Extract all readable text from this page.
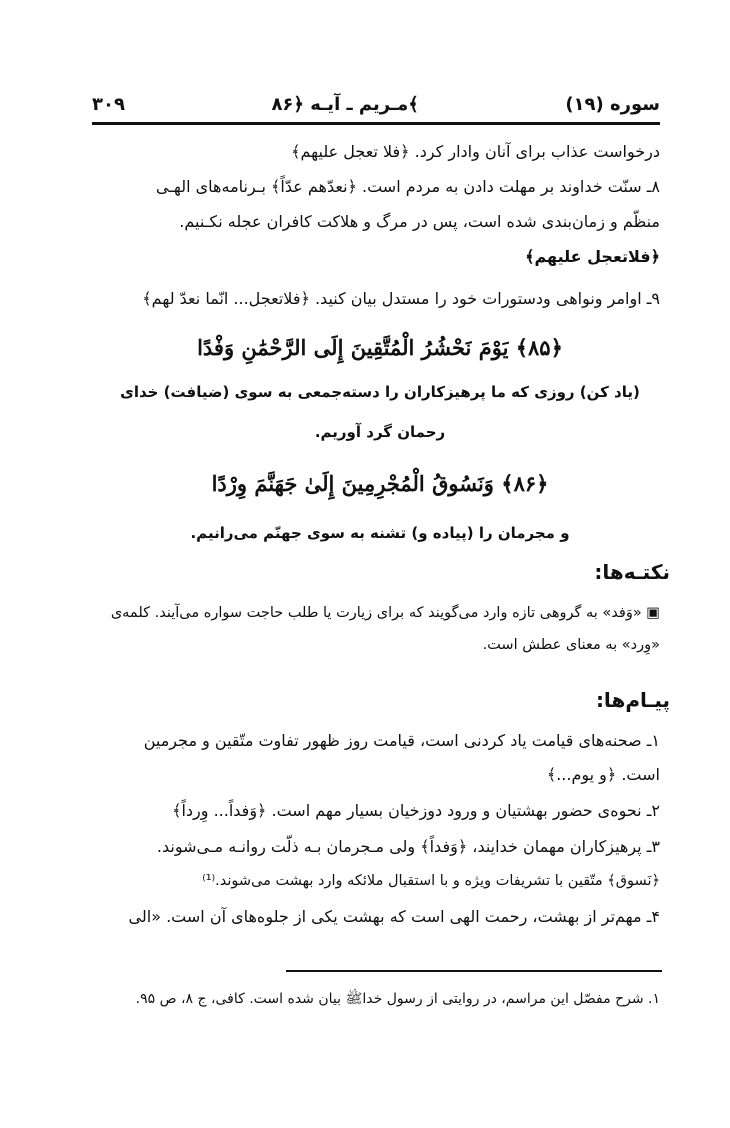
۳۰۹	مـریم ـ آیـه ﴿۸۶﴾	سوره (۱۹)
درخواست عذاب برای آنان وادار کرد. ﴿فلا تعجل علیهم﴾
۸ـ سنّت خداوند بر مهلت دادن به مردم است. ﴿نعدّهم عدّاً﴾ بـرنامه‌های الهـی
منظّم و زمان‌بندی شده است، پس در مرگ و هلاکت کافران عجله نکـنیم.
﴿فلاتعجل علیهم﴾
۹ـ اوامر ونواهی ودستورات خود را مستدل بیان کنید. ﴿فلاتعجل... انّما نعدّ لهم﴾
﴿۸۵﴾ يَوْمَ نَحْشُرُ الْمُتَّقِينَ إِلَى الرَّحْمَٰنِ وَفْدًا
(یاد کن) روزی که ما پرهیزکاران را دسته‌جمعی به سوی (ضیافت) خدای
رحمان گرد آوریم.
﴿۸۶﴾ وَنَسُوقُ الْمُجْرِمِينَ إِلَىٰ جَهَنَّمَ وِرْدًا
و مجرمان را (پیاده و) تشنه به سوی جهنّم می‌رانیم.
نکتـه‌ها:
▣ «وَفد» به گروهی تازه وارد می‌گویند که برای زیارت یا طلب حاجت سواره می‌آیند. کلمه‌ی
«وِرد» به معنای عطش است.
پیـام‌ها:
۱ـ صحنه‌های قیامت یاد کردنی است، قیامت روز ظهور تفاوت متّقین و مجرمین
است. ﴿و یوم...﴾
۲ـ نحوه‌ی حضور بهشتیان و ورود دوزخیان بسیار مهم است. ﴿وَفداً... وِرداً﴾
۳ـ پرهیزکاران مهمان خدایند، ﴿وَفداً﴾ ولی مـجرمان بـه ذلّت روانـه مـی‌شوند.
﴿نَسوق﴾ متّقین با تشریفات ویژه و با استقبال ملائکه وارد بهشت می‌شوند.⁽¹⁾
۴ـ مهم‌تر از بهشت، رحمت الهی است که بهشت یکی از جلوه‌های آن است. «الی
۱. شرح مفصّل این مراسم، در روایتی از رسول خداﷺ بیان شده است. کافی، ج ۸، ص ۹۵.
